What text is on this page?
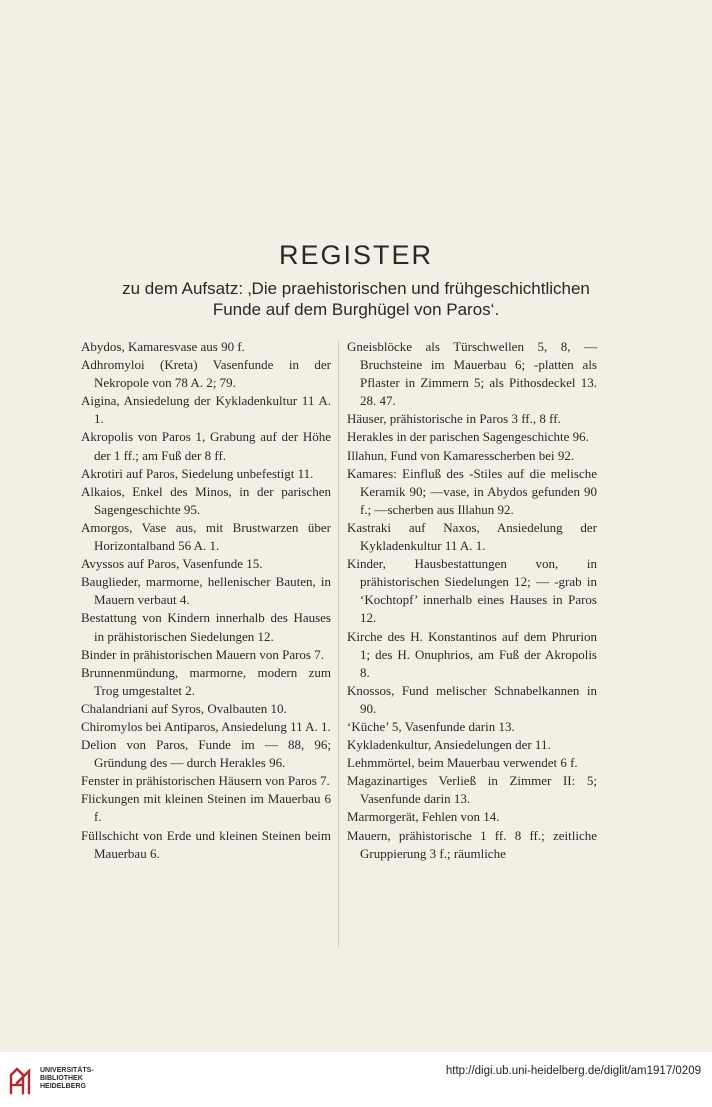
REGISTER
zu dem Aufsatz: ‚Die praehistorischen und frühgeschichtlichen
Funde auf dem Burghügel von Paros‘.

Abydos, Kamaresvase aus 90 f.

Adhromyloi (Kreta) Vasenfunde in der Nekropole von 78 A. 2; 79.

Aigina, Ansiedelung der Kykladenkultur 11 A. 1.

Akropolis von Paros 1, Grabung auf der Höhe der 1 ff.; am Fuß der 8 ff.

Akrotiri auf Paros, Siedelung unbefestigt 11.

Alkaios, Enkel des Minos, in der parischen Sagengeschichte 95.

Amorgos, Vase aus, mit Brustwarzen über Horizontalband 56 A. 1.

Avyssos auf Paros, Vasenfunde 15.

Bauglieder, marmorne, hellenischer Bauten, in Mauern verbaut 4.

Bestattung von Kindern innerhalb des Hauses in prähistorischen Siedelungen 12.

Binder in prähistorischen Mauern von Paros 7.

Brunnenmündung, marmorne, modern zum Trog umgestaltet 2.

Chalandriani auf Syros, Ovalbauten 10.

Chiromylos bei Antiparos, Ansiedelung 11 A. 1.

Delion von Paros, Funde im — 88, 96; Gründung des — durch Herakles 96.

Fenster in prähistorischen Häusern von Paros 7.

Flickungen mit kleinen Steinen im Mauerbau 6 f.

Füllschicht von Erde und kleinen Steinen beim Mauerbau 6.

Gneisblöcke als Türschwellen 5, 8, — Bruchsteine im Mauerbau 6; -platten als Pflaster in Zimmern 5; als Pithosdeckel 13. 28. 47.

Häuser, prähistorische in Paros 3 ff., 8 ff.

Herakles in der parischen Sagengeschichte 96.

Illahun, Fund von Kamaresscherben bei 92.

Kamares: Einfluß des -Stiles auf die melische Keramik 90; —vase, in Abydos gefunden 90 f.; —scherben aus Illahun 92.

Kastraki auf Naxos, Ansiedelung der Kykladenkultur 11 A. 1.

Kinder, Hausbestattungen von, in prähistorischen Siedelungen 12; — -grab in ‘Kochtopf’ innerhalb eines Hauses in Paros 12.

Kirche des H. Konstantinos auf dem Phrurion 1; des H. Onuphrios, am Fuß der Akropolis 8.

Knossos, Fund melischer Schnabelkannen in 90.

‘Küche’ 5, Vasenfunde darin 13.

Kykladenkultur, Ansiedelungen der 11.

Lehmmörtel, beim Mauerbau verwendet 6 f.

Magazinartiges Verließ in Zimmer II: 5; Vasenfunde darin 13.

Marmorgerät, Fehlen von 14.

Mauern, prähistorische 1 ff. 8 ff.; zeitliche Gruppierung 3 f.; räumliche

UNIVERSITÄTS-
BIBLIOTHEK
HEIDELBERG
http://digi.ub.uni-heidelberg.de/diglit/am1917/0209
